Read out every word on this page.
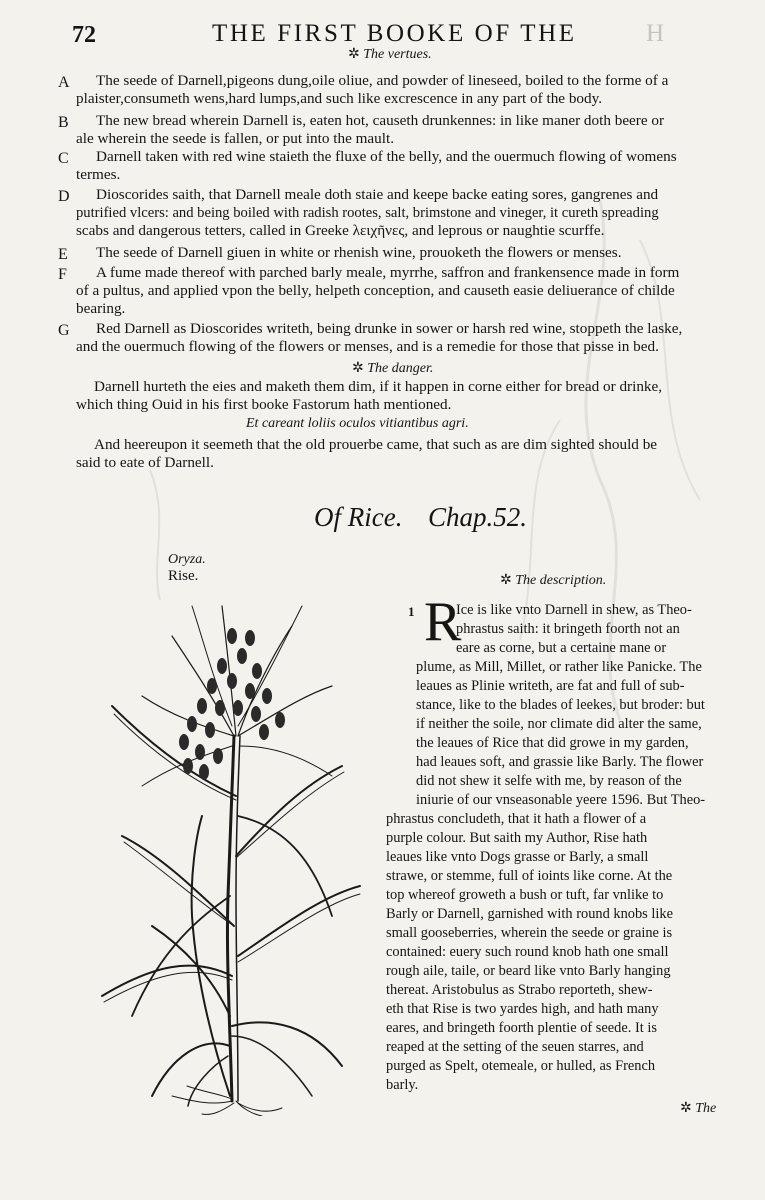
72	THE FIRST BOOKE OF THE	H
✲ The vertues.
A The seede of Darnell,pigeons dung,oile oliue, and powder of lineseed, boiled to the forme of a
plaister,consumeth wens,hard lumps,and such like excrescence in any part of the body.
B The new bread wherein Darnell is, eaten hot, causeth drunkennes: in like maner doth beere or
ale wherein the seede is fallen, or put into the mault.
C Darnell taken with red wine staieth the fluxe of the belly, and the ouermuch flowing of womens
termes.
D Dioscorides saith, that Darnell meale doth staie and keepe backe eating sores, gangrenes and
putrified vlcers: and being boiled with radish rootes, salt, brimstone and vineger, it cureth spreading
scabs and dangerous tetters, called in Greeke λειχῆνες, and leprous or naughtie scurffe.
E The seede of Darnell giuen in white or rhenish wine, prouoketh the flowers or menses.
F A fume made thereof with parched barly meale, myrrhe, saffron and frankensence made in form
of a pultus, and applied vpon the belly, helpeth conception, and causeth easie deliuerance of childe
bearing.
G Red Darnell as Dioscorides writeth, being drunke in sower or harsh red wine, stoppeth the laske,
and the ouermuch flowing of the flowers or menses, and is a remedie for those that pisse in bed.
✲ The danger.
Darnell hurteth the eies and maketh them dim, if it happen in corne either for bread or drinke,
which thing Ouid in his first booke Fastorum hath mentioned.
Et careant loliis oculos vitiantibus agri.
And heereupon it seemeth that the old prouerbe came, that such as are dim sighted should be
said to eate of Darnell.
Of Rice. Chap.52.
Oryza.
Rise.	✲ The description.
1 R
Ice is like vnto Darnell in shew, as Theo-
phrastus saith: it bringeth foorth not an
eare as corne, but a certaine mane or
plume, as Mill, Millet, or rather like Panicke. The
leaues as Plinie writeth, are fat and full of sub-
stance, like to the blades of leekes, but broder: but
if neither the soile, nor climate did alter the same,
the leaues of Rice that did growe in my garden,
had leaues soft, and grassie like Barly. The flower
did not shew it selfe with me, by reason of the
iniurie of our vnseasonable yeere 1596. But Theo-
phrastus concludeth, that it hath a flower of a
purple colour. But saith my Author, Rise hath
leaues like vnto Dogs grasse or Barly, a small
strawe, or stemme, full of ioints like corne. At the
top whereof groweth a bush or tuft, far vnlike to
Barly or Darnell, garnished with round knobs like
small gooseberries, wherein the seede or graine is
contained: euery such round knob hath one small
rough aile, taile, or beard like vnto Barly hanging
thereat. Aristobulus as Strabo reporteth, shew-
eth that Rise is two yardes high, and hath many
eares, and bringeth foorth plentie of seede. It is
reaped at the setting of the seuen starres, and
purged as Spelt, otemeale, or hulled, as French
barly.
✲ The
